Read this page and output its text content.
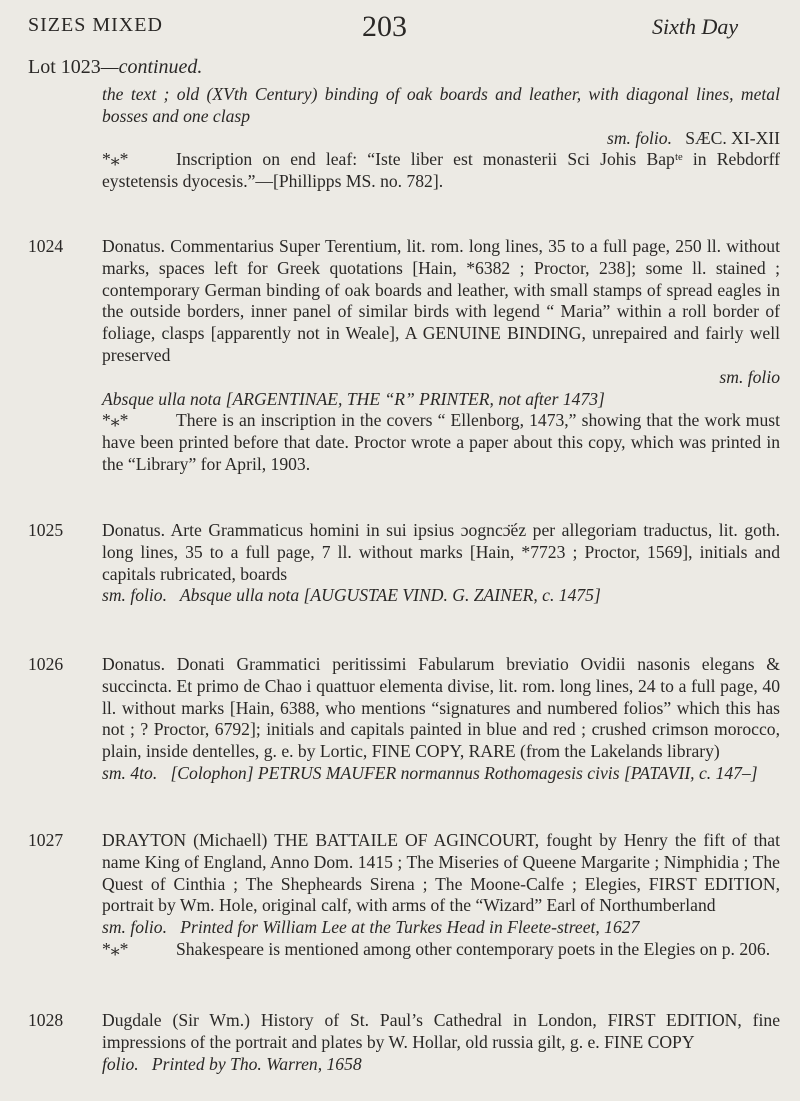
SIZES MIXED	203	Sixth Day
Lot 1023—continued.

the text ; old (XVth Century) binding of oak boards and leather, with diagonal lines, metal bosses and one clasp

sm. folio. SÆC. XI-XII

*⁎*	Inscription on end leaf: “Iste liber est monasterii Sci Johis Bapᵗᵉ in Rebdorff eystetensis dyocesis.”—[Phillipps MS. no. 782].

1024	Donatus. Commentarius Super Terentium, lit. rom. long lines, 35 to a full page, 250 ll. without marks, spaces left for Greek quotations [Hain, *6382 ; Proctor, 238]; some ll. stained ; contemporary German binding of oak boards and leather, with small stamps of spread eagles in the outside borders, inner panel of similar birds with legend “ Maria” within a roll border of foliage, clasps [apparently not in Weale], A GENUINE BINDING, unrepaired and fairly well preserved

sm. folio

Absque ulla nota [ARGENTINAE, THE “R” PRINTER, not after 1473]

*⁎*	There is an inscription in the covers “ Ellenborg, 1473,” showing that the work must have been printed before that date. Proctor wrote a paper about this copy, which was printed in the “Library” for April, 1903.

1025	Donatus. Arte Grammaticus homini in sui ipsius ɔogncɔ̈éz per allegoriam traductus, lit. goth. long lines, 35 to a full page, 7 ll. without marks [Hain, *7723 ; Proctor, 1569], initials and capitals rubricated, boards

sm. folio. Absque ulla nota [AUGUSTAE VIND. G. ZAINER, c. 1475]

1026	Donatus. Donati Grammatici peritissimi Fabularum breviatio Ovidii nasonis elegans & succincta. Et primo de Chao i quattuor elementa divise, lit. rom. long lines, 24 to a full page, 40 ll. without marks [Hain, 6388, who mentions “signatures and numbered folios” which this has not ; ? Proctor, 6792]; initials and capitals painted in blue and red ; crushed crimson morocco, plain, inside dentelles, g. e. by Lortic, FINE COPY, RARE (from the Lakelands library)

sm. 4to. [Colophon] PETRUS MAUFER normannus Rothomagesis civis [PATAVII, c. 147–]

1027	DRAYTON (Michaell) THE BATTAILE OF AGINCOURT, fought by Henry the fift of that name King of England, Anno Dom. 1415 ; The Miseries of Queene Margarite ; Nimphidia ; The Quest of Cinthia ; The Shepheards Sirena ; The Moone-Calfe ; Elegies, FIRST EDITION, portrait by Wm. Hole, original calf, with arms of the “Wizard” Earl of Northumberland

sm. folio. Printed for William Lee at the Turkes Head in Fleete-street, 1627

*⁎*	Shakespeare is mentioned among other contemporary poets in the Elegies on p. 206.

1028	Dugdale (Sir Wm.) History of St. Paul’s Cathedral in London, FIRST EDITION, fine impressions of the portrait and plates by W. Hollar, old russia gilt, g. e. FINE COPY

folio. Printed by Tho. Warren, 1658
